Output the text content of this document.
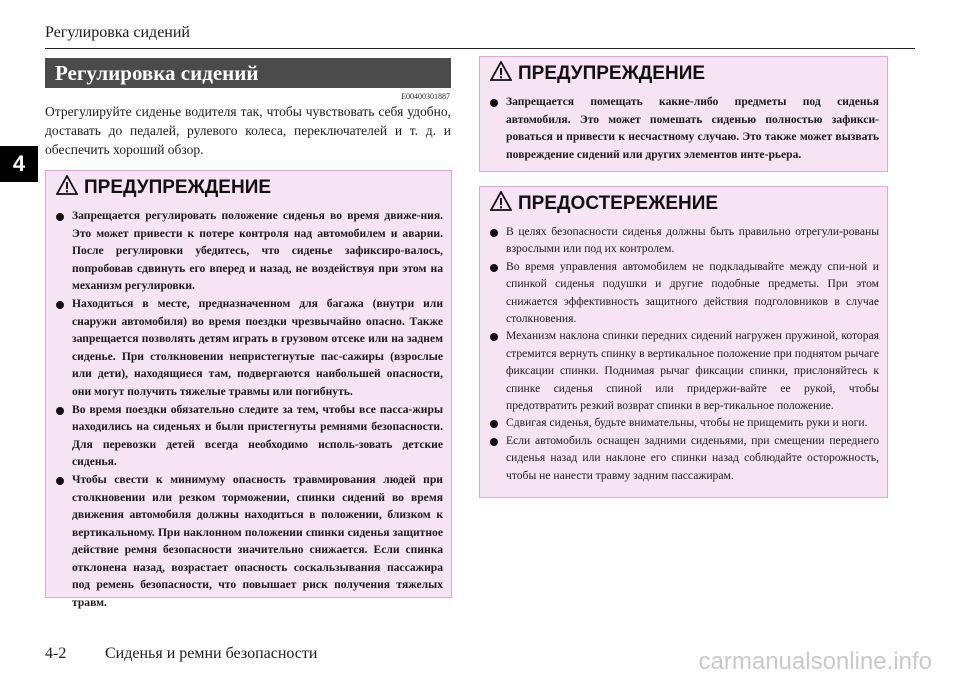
Регулировка сидений
4
Регулировка сидений
E00400301887
Отрегулируйте сиденье водителя так, чтобы чувствовать себя удобно, доставать до педалей, рулевого колеса, переключателей и т. д. и обеспечить хороший обзор.
ПРЕДУПРЕЖДЕНИЕ
Запрещается регулировать положение сиденья во время движе-ния. Это может привести к потере контроля над автомобилем и аварии. После регулировки убедитесь, что сиденье зафиксиро-валось, попробовав сдвинуть его вперед и назад, не воздействуя при этом на механизм регулировки.
Находиться в месте, предназначенном для багажа (внутри или снаружи автомобиля) во время поездки чрезвычайно опасно. Также запрещается позволять детям играть в грузовом отсеке или на заднем сиденье. При столкновении непристегнутые пас-сажиры (взрослые или дети), находящиеся там, подвергаются наибольшей опасности, они могут получить тяжелые травмы или погибнуть.
Во время поездки обязательно следите за тем, чтобы все пасса-жиры находились на сиденьях и были пристегнуты ремнями безопасности. Для перевозки детей всегда необходимо исполь-зовать детские сиденья.
Чтобы свести к минимуму опасность травмирования людей при столкновении или резком торможении, спинки сидений во время движения автомобиля должны находиться в положении, близком к вертикальному. При наклонном положении спинки сиденья защитное действие ремня безопасности значительно снижается. Если спинка отклонена назад, возрастает опасность соскальзывания пассажира под ремень безопасности, что повышает риск получения тяжелых травм.
ПРЕДУПРЕЖДЕНИЕ
Запрещается помещать какие-либо предметы под сиденья автомобиля. Это может помешать сиденью полностью зафикси-роваться и привести к несчастному случаю. Это также может вызвать повреждение сидений или других элементов инте-рьера.
ПРЕДОСТЕРЕЖЕНИЕ
В целях безопасности сиденья должны быть правильно отрегули-рованы взрослыми или под их контролем.
Во время управления автомобилем не подкладывайте между спи-ной и спинкой сиденья подушки и другие подобные предметы. При этом снижается эффективность защитного действия подголовников в случае столкновения.
Механизм наклона спинки передних сидений нагружен пружиной, которая стремится вернуть спинку в вертикальное положение при поднятом рычаге фиксации спинки. Поднимая рычаг фиксации спинки, прислоняйтесь к спинке сиденья спиной или придержи-вайте ее рукой, чтобы предотвратить резкий возврат спинки в вер-тикальное положение.
Сдвигая сиденья, будьте внимательны, чтобы не прищемить руки и ноги.
Если автомобиль оснащен задними сиденьями, при смещении переднего сиденья назад или наклоне его спинки назад соблюдайте осторожность, чтобы не нанести травму задним пассажирам.
4-2 Сиденья и ремни безопасности	carmanualsonline.info
